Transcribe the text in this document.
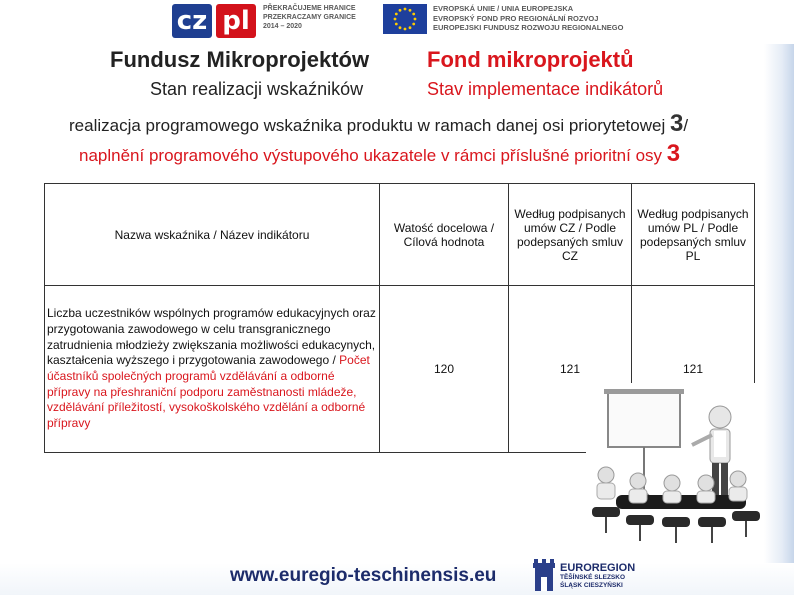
cz pl	PŘEKRAČUJEME HRANICE
PRZEKRACZAMY GRANICE
2014 – 2020
EVROPSKÁ UNIE / UNIA EUROPEJSKA
EVROPSKÝ FOND PRO REGIONÁLNÍ ROZVOJ
EUROPEJSKI FUNDUSZ ROZWOJU REGIONALNEGO
Fundusz Mikroprojektów	Fond mikroprojektů
Stan realizacji wskaźników	Stav implementace indikátorů
realizacja programowego wskaźnika produktu w ramach danej osi priorytetowej 3/
naplnění programového výstupového ukazatele v rámci příslušné prioritní osy 3
Nazwa wskaźnika / Název indikátoru	Watość docelowa / Cílová hodnota	Według podpisanych umów CZ / Podle podepsaných smluv CZ	Według podpisanych umów PL / Podle podepsaných smluv PL
Liczba uczestników wspólnych programów edukacyjnych oraz przygotowania zawodowego w celu transgranicznego zatrudnienia młodzieży zwiększania możliwości edukacynych, kaształcenia wyższego i przygotowania zawodowego / Počet účastníků společných programů vzdělávání a odborné přípravy na přeshraniční podporu zaměstnanosti mládeže, vzdělávání příležitostí, vysokoškolského vzdělání a odborné přípravy	120	121	121
www.euregio-teschinensis.eu	EUROREGION
TĚŠÍNSKÉ SLEZSKO
ŚLĄSK CIESZYŃSKI
